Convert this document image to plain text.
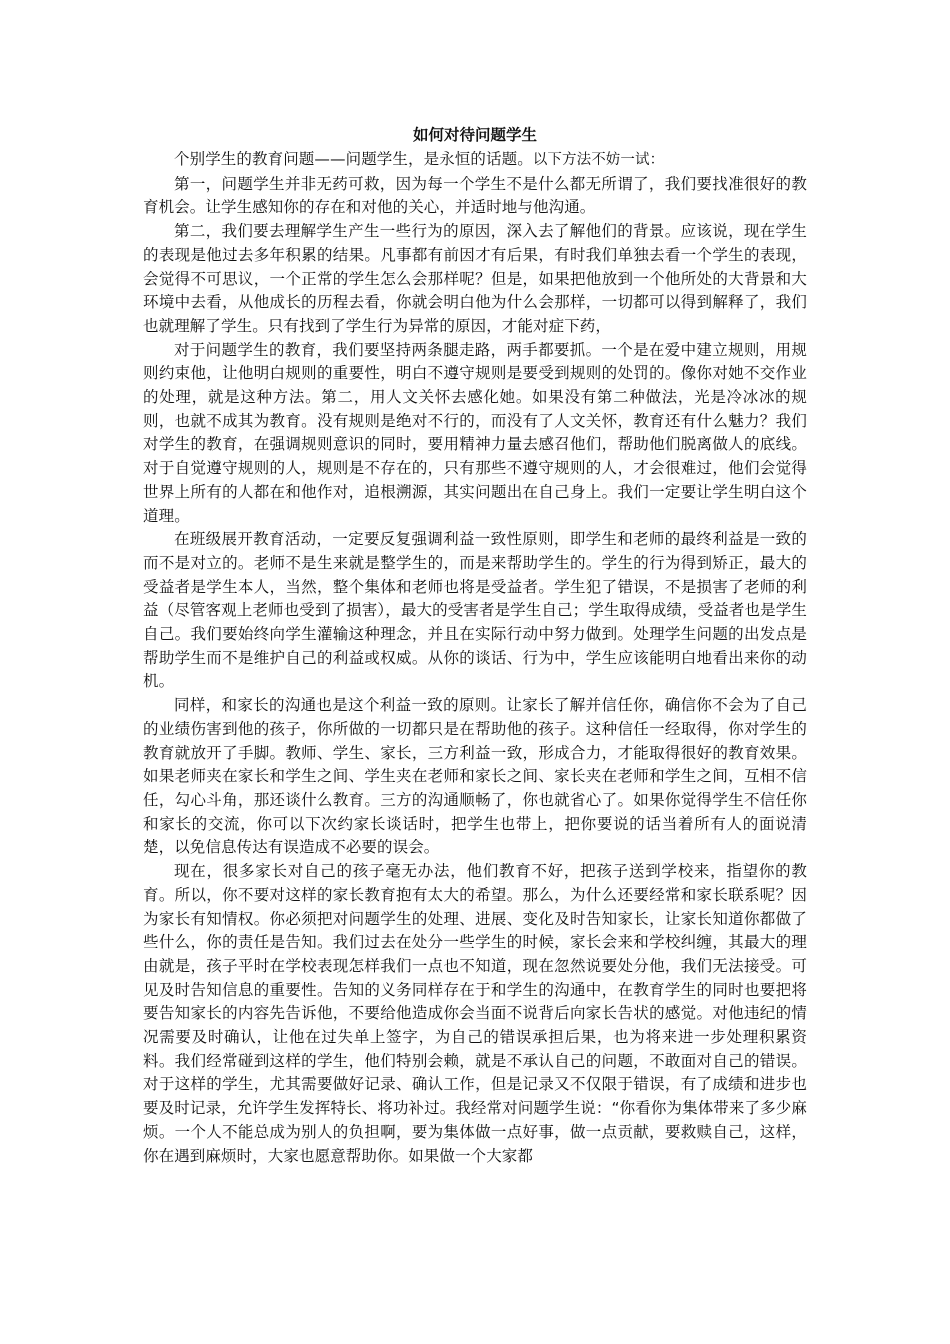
如何对待问题学生

个别学生的教育问题——问题学生，是永恒的话题。以下方法不妨一试：

第一，问题学生并非无药可救，因为每一个学生不是什么都无所谓了，我们要找准很好的教育机会。让学生感知你的存在和对他的关心，并适时地与他沟通。

第二，我们要去理解学生产生一些行为的原因，深入去了解他们的背景。应该说，现在学生的表现是他过去多年积累的结果。凡事都有前因才有后果，有时我们单独去看一个学生的表现，会觉得不可思议，一个正常的学生怎么会那样呢？但是，如果把他放到一个他所处的大背景和大环境中去看，从他成长的历程去看，你就会明白他为什么会那样，一切都可以得到解释了，我们也就理解了学生。只有找到了学生行为异常的原因，才能对症下药，

对于问题学生的教育，我们要坚持两条腿走路，两手都要抓。一个是在爱中建立规则，用规则约束他，让他明白规则的重要性，明白不遵守规则是要受到规则的处罚的。像你对她不交作业的处理，就是这种方法。第二，用人文关怀去感化她。如果没有第二种做法，光是冷冰冰的规则，也就不成其为教育。没有规则是绝对不行的，而没有了人文关怀，教育还有什么魅力？我们对学生的教育，在强调规则意识的同时，要用精神力量去感召他们，帮助他们脱离做人的底线。对于自觉遵守规则的人，规则是不存在的，只有那些不遵守规则的人，才会很难过，他们会觉得世界上所有的人都在和他作对，追根溯源，其实问题出在自己身上。我们一定要让学生明白这个道理。

在班级展开教育活动，一定要反复强调利益一致性原则，即学生和老师的最终利益是一致的而不是对立的。老师不是生来就是整学生的，而是来帮助学生的。学生的行为得到矫正，最大的受益者是学生本人，当然，整个集体和老师也将是受益者。学生犯了错误，不是损害了老师的利益（尽管客观上老师也受到了损害），最大的受害者是学生自己；学生取得成绩，受益者也是学生自己。我们要始终向学生灌输这种理念，并且在实际行动中努力做到。处理学生问题的出发点是帮助学生而不是维护自己的利益或权威。从你的谈话、行为中，学生应该能明白地看出来你的动机。

同样，和家长的沟通也是这个利益一致的原则。让家长了解并信任你，确信你不会为了自己的业绩伤害到他的孩子，你所做的一切都只是在帮助他的孩子。这种信任一经取得，你对学生的教育就放开了手脚。教师、学生、家长，三方利益一致，形成合力，才能取得很好的教育效果。如果老师夹在家长和学生之间、学生夹在老师和家长之间、家长夹在老师和学生之间，互相不信任，勾心斗角，那还谈什么教育。三方的沟通顺畅了，你也就省心了。如果你觉得学生不信任你和家长的交流，你可以下次约家长谈话时，把学生也带上，把你要说的话当着所有人的面说清楚，以免信息传达有误造成不必要的误会。

现在，很多家长对自己的孩子毫无办法，他们教育不好，把孩子送到学校来，指望你的教育。所以，你不要对这样的家长教育抱有太大的希望。那么，为什么还要经常和家长联系呢？因为家长有知情权。你必须把对问题学生的处理、进展、变化及时告知家长，让家长知道你都做了些什么，你的责任是告知。我们过去在处分一些学生的时候，家长会来和学校纠缠，其最大的理由就是，孩子平时在学校表现怎样我们一点也不知道，现在忽然说要处分他，我们无法接受。可见及时告知信息的重要性。告知的义务同样存在于和学生的沟通中，在教育学生的同时也要把将要告知家长的内容先告诉他，不要给他造成你会当面不说背后向家长告状的感觉。对他违纪的情况需要及时确认，让他在过失单上签字，为自己的错误承担后果，也为将来进一步处理积累资料。我们经常碰到这样的学生，他们特别会赖，就是不承认自己的问题，不敢面对自己的错误。对于这样的学生，尤其需要做好记录、确认工作，但是记录又不仅限于错误，有了成绩和进步也要及时记录，允许学生发挥特长、将功补过。我经常对问题学生说：“你看你为集体带来了多少麻烦。一个人不能总成为别人的负担啊，要为集体做一点好事，做一点贡献，要救赎自己，这样，你在遇到麻烦时，大家也愿意帮助你。如果做一个大家都
